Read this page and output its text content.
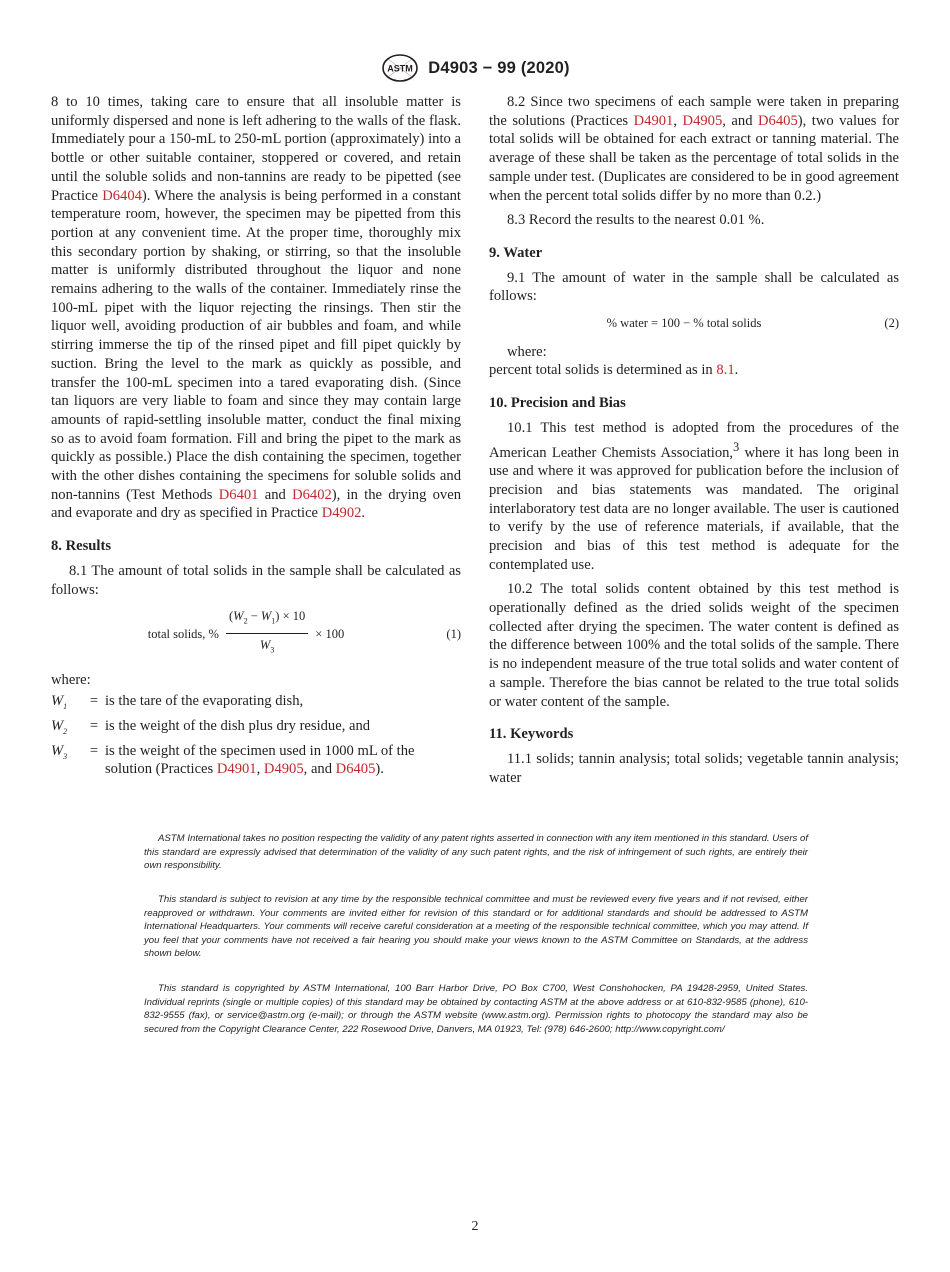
ASTM D4903 − 99 (2020)

8 to 10 times, taking care to ensure that all insoluble matter is uniformly dispersed and none is left adhering to the walls of the flask. Immediately pour a 150-mL to 250-mL portion (approximately) into a bottle or other suitable container, stoppered or covered, and retain until the soluble solids and non-tannins are ready to be pipetted (see Practice D6404). Where the analysis is being performed in a constant temperature room, however, the specimen may be pipetted from this portion at any convenient time. At the proper time, thoroughly mix this secondary portion by shaking, or stirring, so that the insoluble matter is uniformly distributed throughout the liquor and none remains adhering to the walls of the container. Immediately rinse the 100-mL pipet with the liquor rejecting the rinsings. Then stir the liquor well, avoiding production of air bubbles and foam, and while stirring immerse the tip of the rinsed pipet and fill pipet quickly by suction. Bring the level to the mark as quickly as possible, and transfer the 100-mL specimen into a tared evaporating dish. (Since tan liquors are very liable to foam and since they may contain large amounts of rapid-settling insoluble matter, conduct the final mixing so as to avoid foam formation. Fill and bring the pipet to the mark as quickly as possible.) Place the dish containing the specimen, together with the other dishes containing the specimens for soluble solids and non-tannins (Test Methods D6401 and D6402), in the drying oven and evaporate and dry as specified in Practice D4902.

8. Results

8.1 The amount of total solids in the sample shall be calculated as follows:

total solids, % $\frac{(W_2 - W_1) \times 10}{W_3} \times 100$	(1)
where:
$W_1$	=	is the tare of the evaporating dish,
$W_2$	=	is the weight of the dish plus dry residue, and
$W_3$	=	is the weight of the specimen used in 1000 mL of the solution (Practices D4901, D4905, and D6405).

8.2 Since two specimens of each sample were taken in preparing the solutions (Practices D4901, D4905, and D6405), two values for total solids will be obtained for each extract or tanning material. The average of these shall be taken as the percentage of total solids in the sample under test. (Duplicates are considered to be in good agreement when the percent total solids differ by no more than 0.2.)

8.3 Record the results to the nearest 0.01 %.

9. Water

9.1 The amount of water in the sample shall be calculated as follows:

% water = 100 − % total solids	(2)

where:

percent total solids is determined as in 8.1.

10. Precision and Bias

10.1 This test method is adopted from the procedures of the American Leather Chemists Association,$^3$ where it has long been in use and where it was approved for publication before the inclusion of precision and bias statements was mandated. The original interlaboratory test data are no longer available. The user is cautioned to verify by the use of reference materials, if available, that the precision and bias of this test method is adequate for the contemplated use.

10.2 The total solids content obtained by this test method is operationally defined as the dried solids weight of the specimen collected after drying the specimen. The water content is defined as the difference between 100% and the total solids of the sample. There is no independent measure of the true total solids and water content of a sample. Therefore the bias cannot be related to the true total solids or water content of the sample.

11. Keywords

11.1 solids; tannin analysis; total solids; vegetable tannin analysis; water

ASTM International takes no position respecting the validity of any patent rights asserted in connection with any item mentioned in this standard. Users of this standard are expressly advised that determination of the validity of any such patent rights, and the risk of infringement of such rights, are entirely their own responsibility.

This standard is subject to revision at any time by the responsible technical committee and must be reviewed every five years and if not revised, either reapproved or withdrawn. Your comments are invited either for revision of this standard or for additional standards and should be addressed to ASTM International Headquarters. Your comments will receive careful consideration at a meeting of the responsible technical committee, which you may attend. If you feel that your comments have not received a fair hearing you should make your views known to the ASTM Committee on Standards, at the address shown below.

This standard is copyrighted by ASTM International, 100 Barr Harbor Drive, PO Box C700, West Conshohocken, PA 19428-2959, United States. Individual reprints (single or multiple copies) of this standard may be obtained by contacting ASTM at the above address or at 610-832-9585 (phone), 610-832-9555 (fax), or service@astm.org (e-mail); or through the ASTM website (www.astm.org). Permission rights to photocopy the standard may also be secured from the Copyright Clearance Center, 222 Rosewood Drive, Danvers, MA 01923, Tel: (978) 646-2600; http://www.copyright.com/

2
